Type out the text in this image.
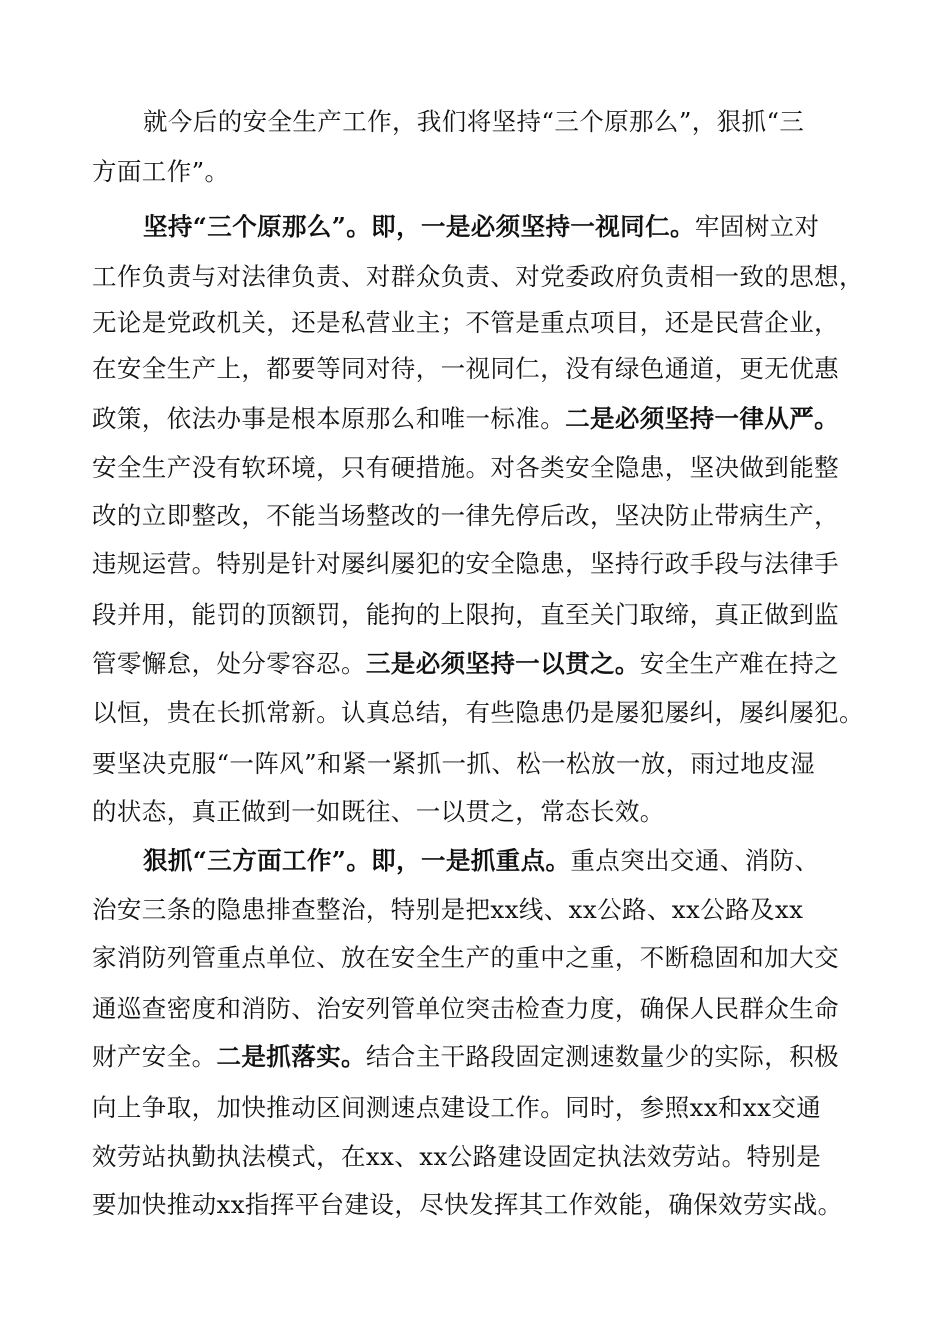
就今后的安全生产工作，我们将坚持“三个原那么”，狠抓“三
方面工作”。
坚持“三个原那么”。即，一是必须坚持一视同仁。牢固树立对
工作负责与对法律负责、对群众负责、对党委政府负责相一致的思想，
无论是党政机关，还是私营业主；不管是重点项目，还是民营企业，
在安全生产上，都要等同对待，一视同仁，没有绿色通道，更无优惠
政策，依法办事是根本原那么和唯一标准。二是必须坚持一律从严。
安全生产没有软环境，只有硬措施。对各类安全隐患，坚决做到能整
改的立即整改，不能当场整改的一律先停后改，坚决防止带病生产，
违规运营。特别是针对屡纠屡犯的安全隐患，坚持行政手段与法律手
段并用，能罚的顶额罚，能拘的上限拘，直至关门取缔，真正做到监
管零懈怠，处分零容忍。三是必须坚持一以贯之。安全生产难在持之
以恒，贵在长抓常新。认真总结，有些隐患仍是屡犯屡纠，屡纠屡犯。
要坚决克服“一阵风”和紧一紧抓一抓、松一松放一放，雨过地皮湿
的状态，真正做到一如既往、一以贯之，常态长效。
狠抓“三方面工作”。即，一是抓重点。重点突出交通、消防、
治安三条的隐患排查整治，特别是把xx线、xx公路、xx公路及xx
家消防列管重点单位、放在安全生产的重中之重，不断稳固和加大交
通巡查密度和消防、治安列管单位突击检查力度，确保人民群众生命
财产安全。二是抓落实。结合主干路段固定测速数量少的实际，积极
向上争取，加快推动区间测速点建设工作。同时，参照xx和xx交通
效劳站执勤执法模式，在xx、xx公路建设固定执法效劳站。特别是
要加快推动xx指挥平台建设，尽快发挥其工作效能，确保效劳实战。
